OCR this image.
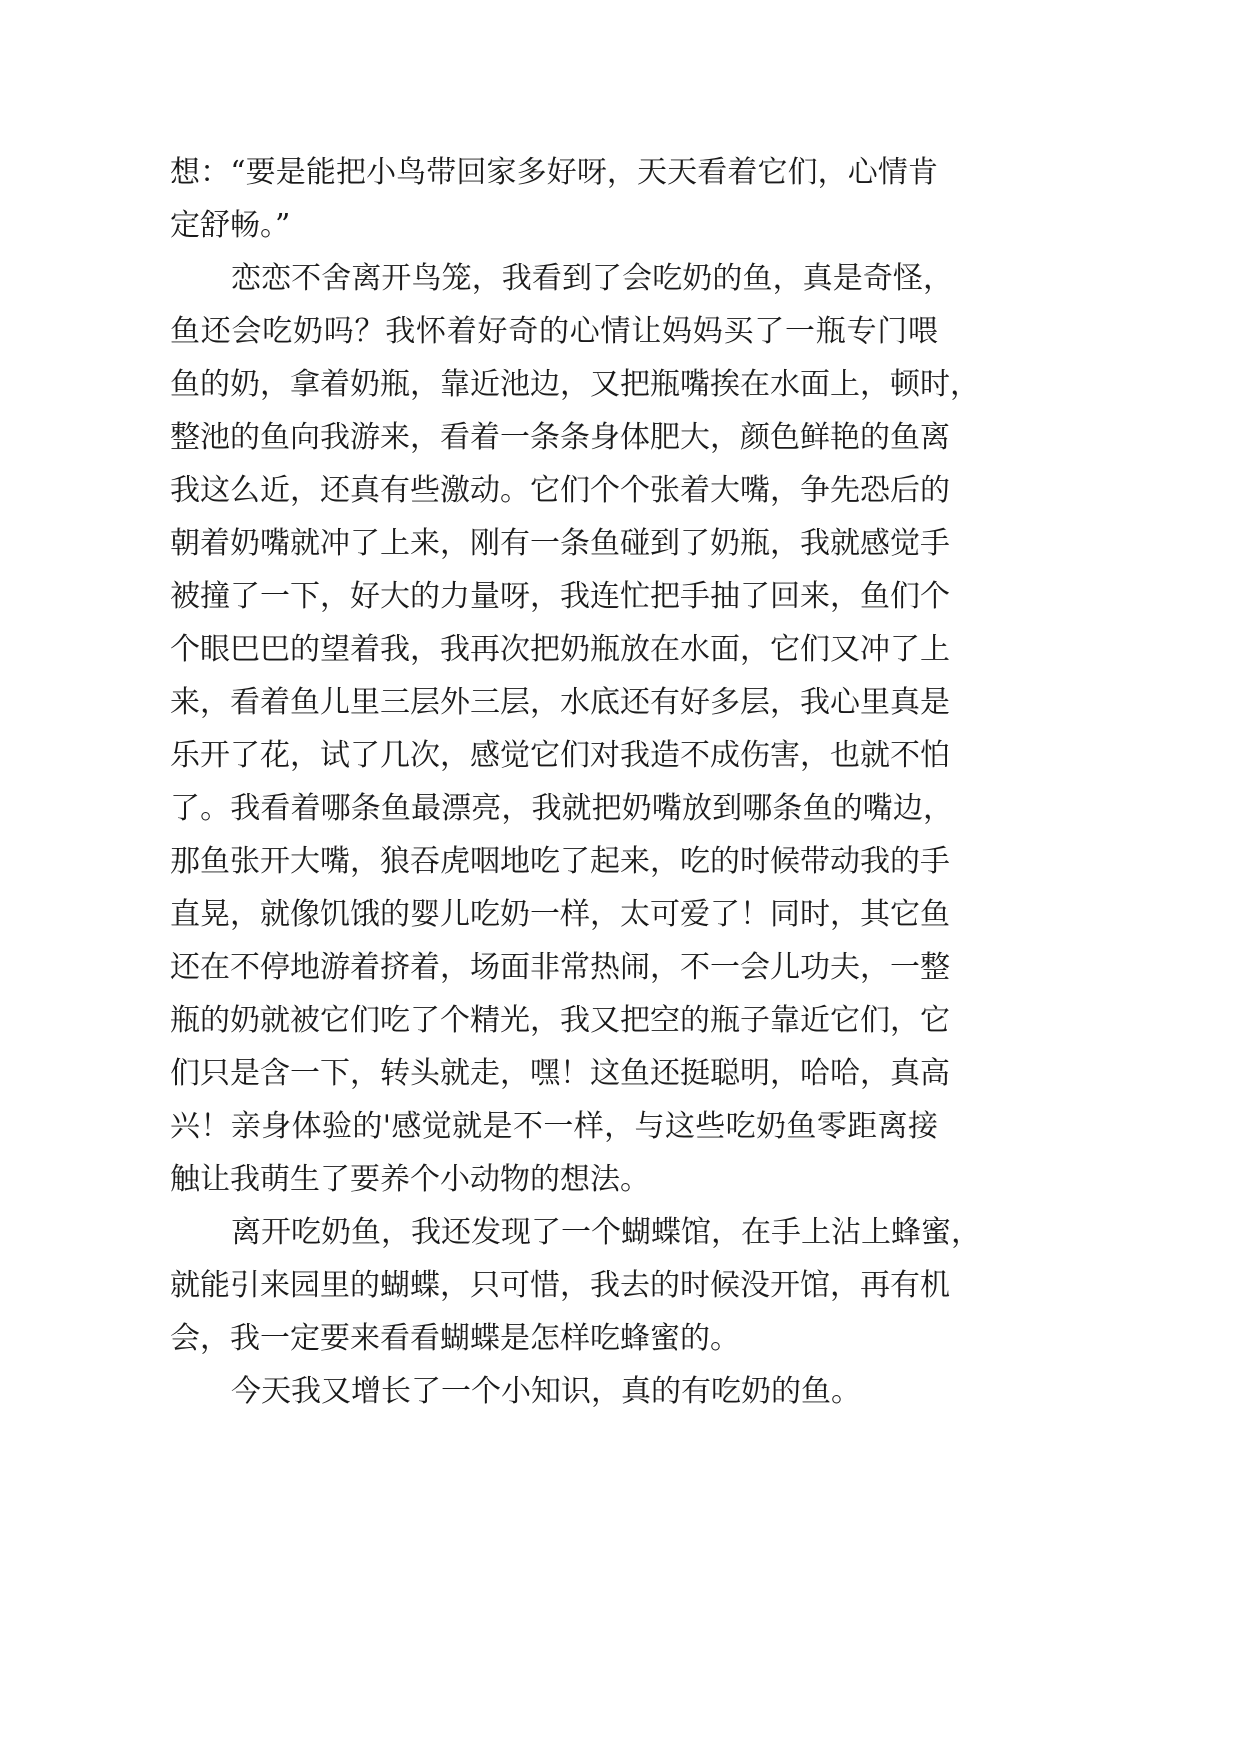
想：“要是能把小鸟带回家多好呀，天天看着它们，心情肯
定舒畅。”
恋恋不舍离开鸟笼，我看到了会吃奶的鱼，真是奇怪，
鱼还会吃奶吗？我怀着好奇的心情让妈妈买了一瓶专门喂
鱼的奶，拿着奶瓶，靠近池边，又把瓶嘴挨在水面上，顿时，
整池的鱼向我游来，看着一条条身体肥大，颜色鲜艳的鱼离
我这么近，还真有些激动。它们个个张着大嘴，争先恐后的
朝着奶嘴就冲了上来，刚有一条鱼碰到了奶瓶，我就感觉手
被撞了一下，好大的力量呀，我连忙把手抽了回来，鱼们个
个眼巴巴的望着我，我再次把奶瓶放在水面，它们又冲了上
来，看着鱼儿里三层外三层，水底还有好多层，我心里真是
乐开了花，试了几次，感觉它们对我造不成伤害，也就不怕
了。我看着哪条鱼最漂亮，我就把奶嘴放到哪条鱼的嘴边，
那鱼张开大嘴，狼吞虎咽地吃了起来，吃的时候带动我的手
直晃，就像饥饿的婴儿吃奶一样，太可爱了！同时，其它鱼
还在不停地游着挤着，场面非常热闹，不一会儿功夫，一整
瓶的奶就被它们吃了个精光，我又把空的瓶子靠近它们，它
们只是含一下，转头就走，嘿！这鱼还挺聪明，哈哈，真高
兴！亲身体验的'感觉就是不一样，与这些吃奶鱼零距离接
触让我萌生了要养个小动物的想法。
离开吃奶鱼，我还发现了一个蝴蝶馆，在手上沾上蜂蜜，
就能引来园里的蝴蝶，只可惜，我去的时候没开馆，再有机
会，我一定要来看看蝴蝶是怎样吃蜂蜜的。
今天我又增长了一个小知识，真的有吃奶的鱼。
